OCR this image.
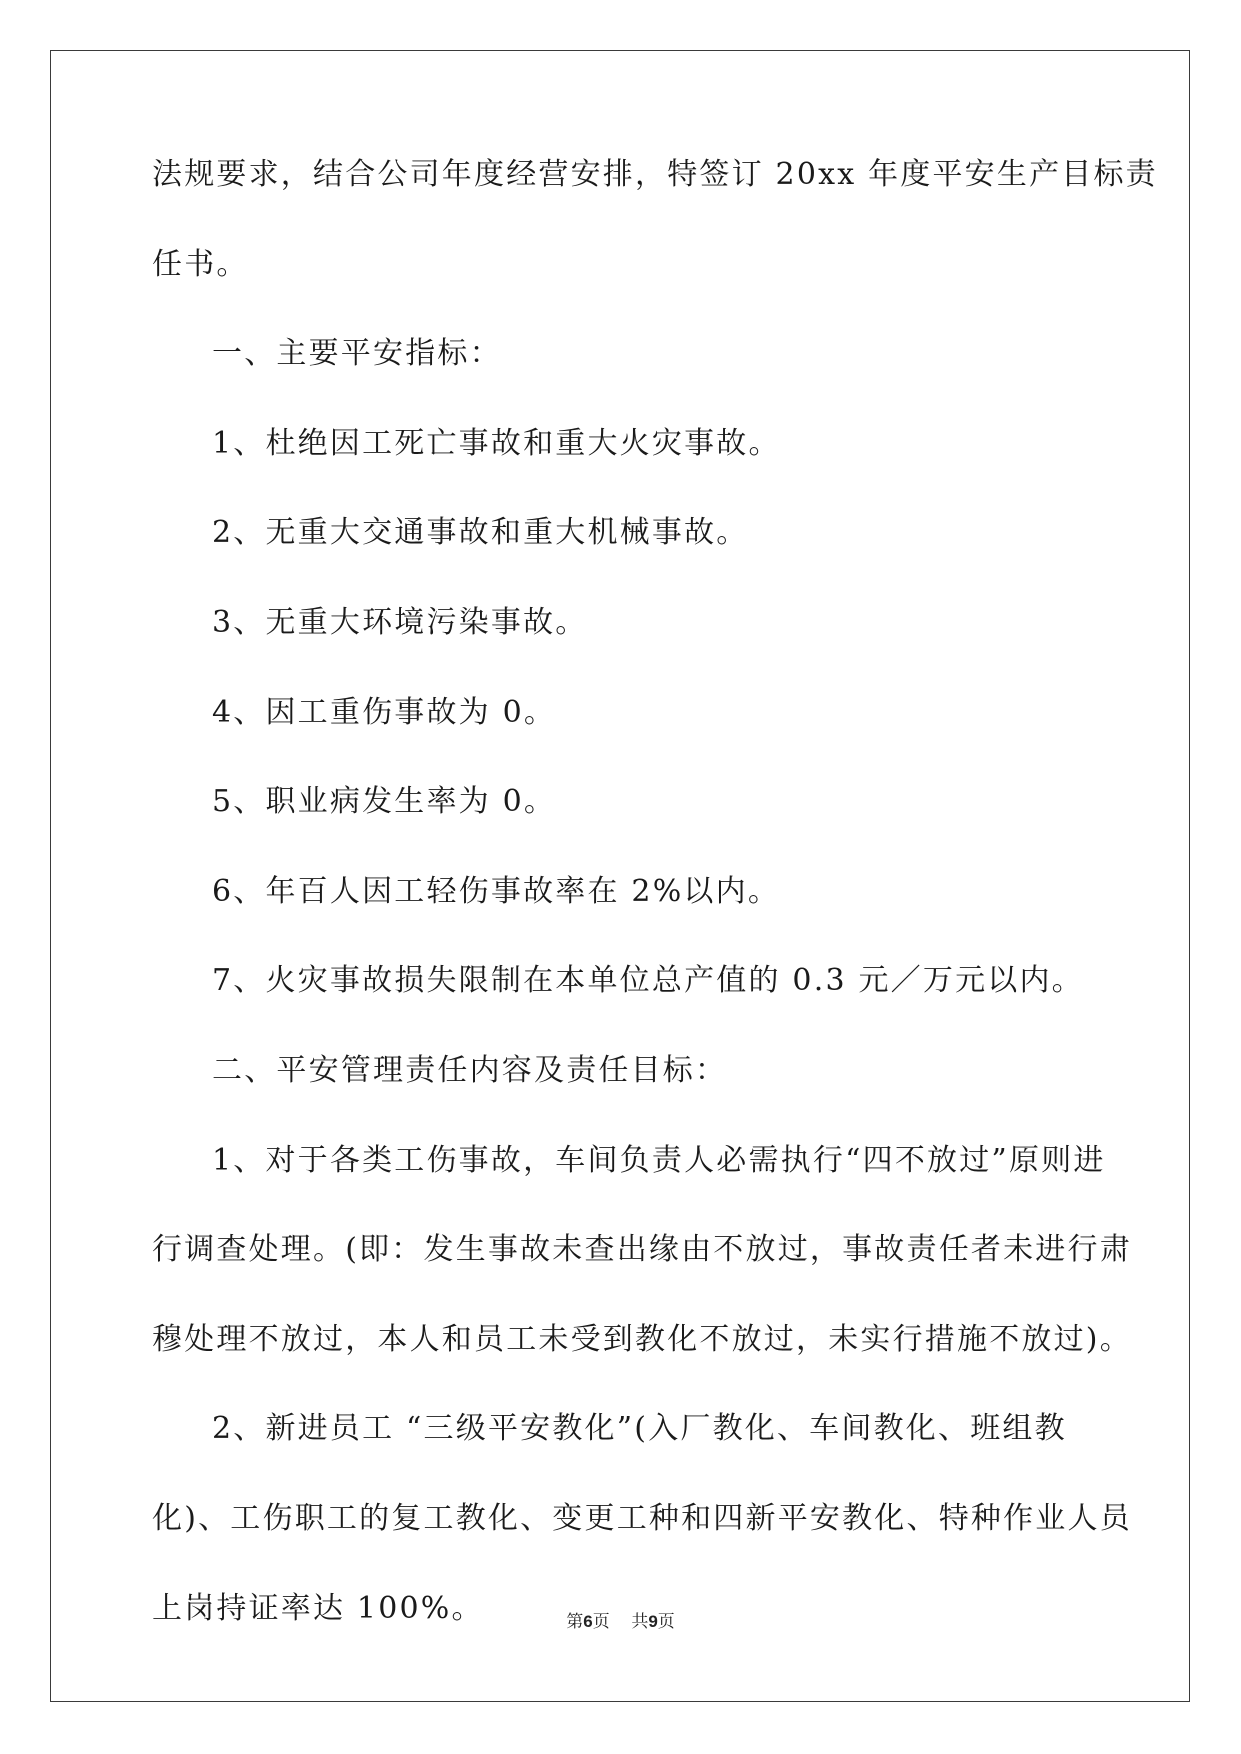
法规要求，结合公司年度经营安排，特签订 20xx 年度平安生产目标责
任书。
一、主要平安指标：
1、杜绝因工死亡事故和重大火灾事故。
2、无重大交通事故和重大机械事故。
3、无重大环境污染事故。
4、因工重伤事故为 0。
5、职业病发生率为 0。
6、年百人因工轻伤事故率在 2%以内。
7、火灾事故损失限制在本单位总产值的 0.3 元／万元以内。
二、平安管理责任内容及责任目标：
1、对于各类工伤事故，车间负责人必需执行“四不放过”原则进
行调查处理。(即：发生事故未查出缘由不放过，事故责任者未进行肃
穆处理不放过，本人和员工未受到教化不放过，未实行措施不放过)。
2、新进员工 “三级平安教化”(入厂教化、车间教化、班组教
化)、工伤职工的复工教化、变更工种和四新平安教化、特种作业人员
上岗持证率达 100%。	第6页 共9页
